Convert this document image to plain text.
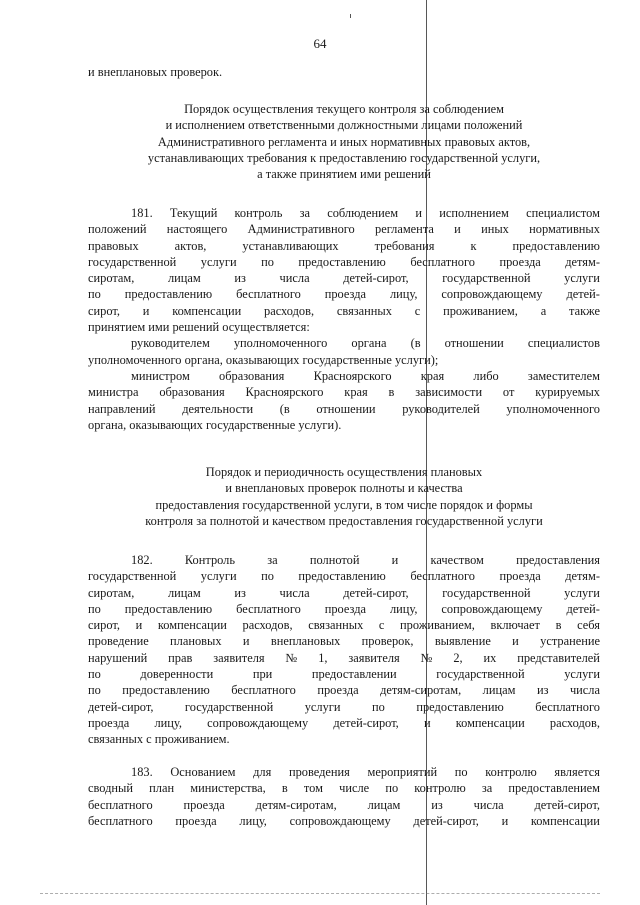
64
и внеплановых проверок.
Порядок осуществления текущего контроля за соблюдением
и исполнением ответственными должностными лицами положений
Административного регламента и иных нормативных правовых актов,
устанавливающих требования к предоставлению государственной услуги,
а также принятием ими решений
181. Текущий контроль за соблюдением и исполнением специалистом
положений настоящего Административного регламента и иных нормативных
правовых	актов,	устанавливающих	требования	к	предоставлению
государственной услуги по предоставлению бесплатного проезда детям-
сиротам,	лицам	из	числа	детей-сирот,	государственной	услуги
по предоставлению бесплатного проезда лицу, сопровождающему детей-
сирот, и компенсации расходов, связанных с проживанием, а также
принятием ими решений осуществляется:
руководителем уполномоченного органа (в отношении специалистов
уполномоченного органа, оказывающих государственные услуги);
министром образования Красноярского края либо заместителем
министра образования Красноярского края в зависимости от курируемых
направлений деятельности (в отношении руководителей уполномоченного
органа, оказывающих государственные услуги).
Порядок и периодичность осуществления плановых
и внеплановых проверок полноты и качества
предоставления государственной услуги, в том числе порядок и формы
контроля за полнотой и качеством предоставления государственной услуги
182.	Контроль	за	полнотой	и	качеством	предоставления
государственной услуги по предоставлению бесплатного проезда детям-
сиротам,	лицам	из	числа	детей-сирот,	государственной	услуги
по предоставлению бесплатного проезда лицу, сопровождающему детей-
сирот, и компенсации расходов, связанных с проживанием, включает в себя
проведение плановых и внеплановых проверок, выявление и устранение
нарушений прав заявителя № 1, заявителя № 2, их представителей
по	доверенности	при	предоставлении	государственной	услуги
по предоставлению бесплатного проезда детям-сиротам, лицам из числа
детей-сирот,	государственной	услуги	по	предоставлению	бесплатного
проезда лицу, сопровождающему детей-сирот, и компенсации расходов,
связанных с проживанием.
183. Основанием для проведения мероприятий по контролю является
сводный план министерства, в том числе по контролю за предоставлением
бесплатного проезда детям-сиротам, лицам из числа детей-сирот,
бесплатного проезда лицу, сопровождающему детей-сирот, и компенсации
